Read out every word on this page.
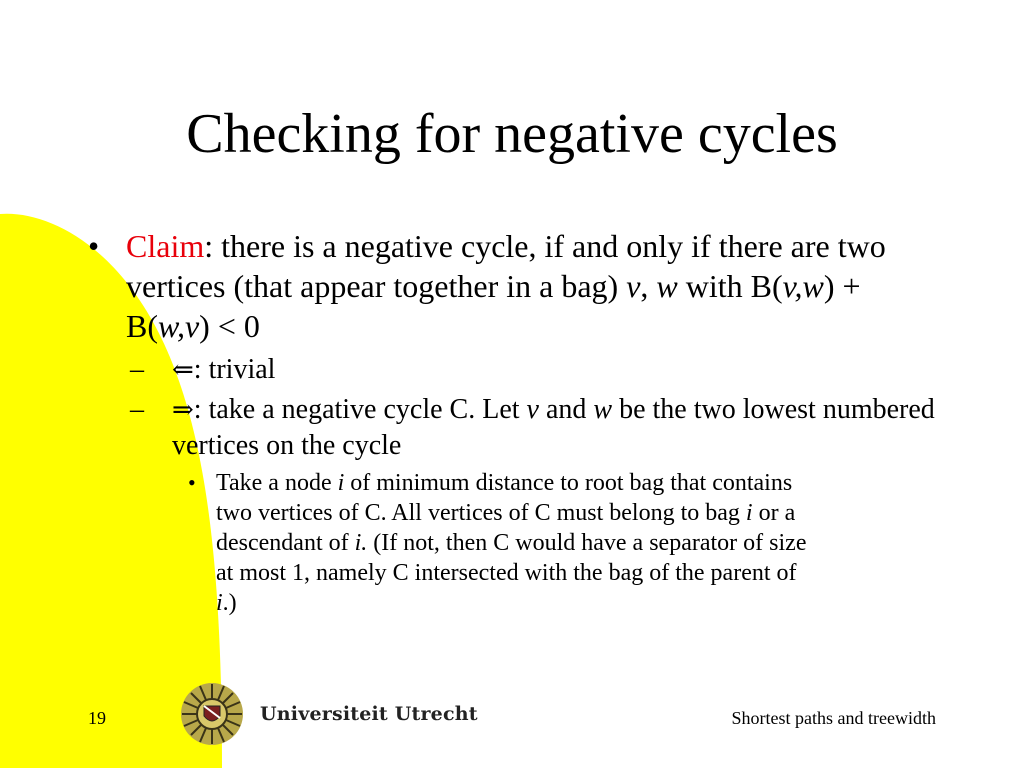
Checking for negative cycles

• Claim: there is a negative cycle, if and only if there are two vertices (that appear together in a bag) v, w with B(v,w) + B(w,v) < 0

– ⇐: trivial

– ⇒: take a negative cycle C. Let v and w be the two lowest numbered vertices on the cycle

• Take a node i of minimum distance to root bag that contains two vertices of C. All vertices of C must belong to bag i or a descendant of i. (If not, then C would have a separator of size at most 1, namely C intersected with the bag of the parent of i.)

19	Universiteit Utrecht	Shortest paths and treewidth
